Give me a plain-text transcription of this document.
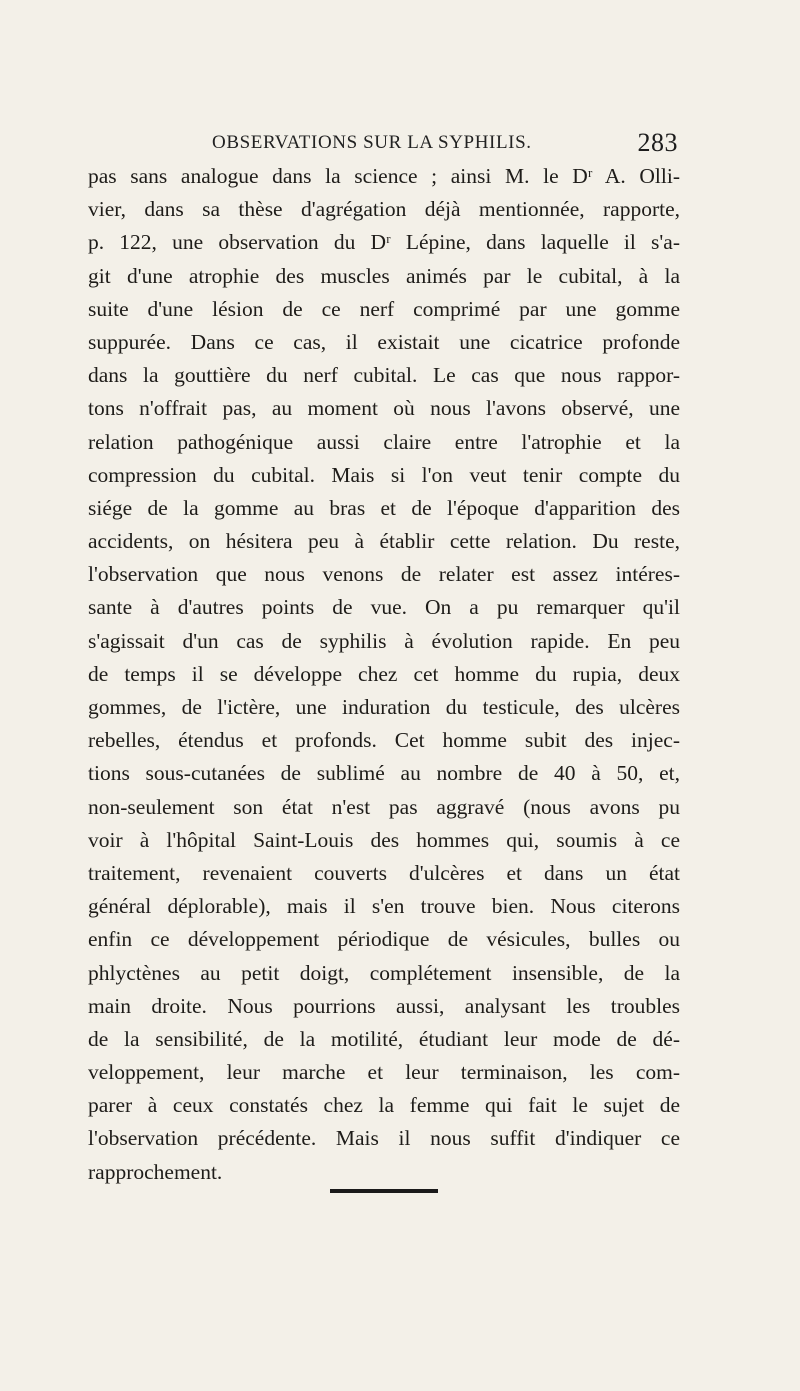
OBSERVATIONS SUR LA SYPHILIS.	283
pas sans analogue dans la science ; ainsi M. le Dʳ A. Olli-
vier, dans sa thèse d'agrégation déjà mentionnée, rapporte,
p. 122, une observation du Dʳ Lépine, dans laquelle il s'a-
git d'une atrophie des muscles animés par le cubital, à la
suite d'une lésion de ce nerf comprimé par une gomme
suppurée. Dans ce cas, il existait une cicatrice profonde
dans la gouttière du nerf cubital. Le cas que nous rappor-
tons n'offrait pas, au moment où nous l'avons observé, une
relation pathogénique aussi claire entre l'atrophie et la
compression du cubital. Mais si l'on veut tenir compte du
siége de la gomme au bras et de l'époque d'apparition des
accidents, on hésitera peu à établir cette relation. Du reste,
l'observation que nous venons de relater est assez intéres-
sante à d'autres points de vue. On a pu remarquer qu'il
s'agissait d'un cas de syphilis à évolution rapide. En peu
de temps il se développe chez cet homme du rupia, deux
gommes, de l'ictère, une induration du testicule, des ulcères
rebelles, étendus et profonds. Cet homme subit des injec-
tions sous-cutanées de sublimé au nombre de 40 à 50, et,
non-seulement son état n'est pas aggravé (nous avons pu
voir à l'hôpital Saint-Louis des hommes qui, soumis à ce
traitement, revenaient couverts d'ulcères et dans un état
général déplorable), mais il s'en trouve bien. Nous citerons
enfin ce développement périodique de vésicules, bulles ou
phlyctènes au petit doigt, complétement insensible, de la
main droite. Nous pourrions aussi, analysant les troubles
de la sensibilité, de la motilité, étudiant leur mode de dé-
veloppement, leur marche et leur terminaison, les com-
parer à ceux constatés chez la femme qui fait le sujet de
l'observation précédente. Mais il nous suffit d'indiquer ce
rapprochement.
